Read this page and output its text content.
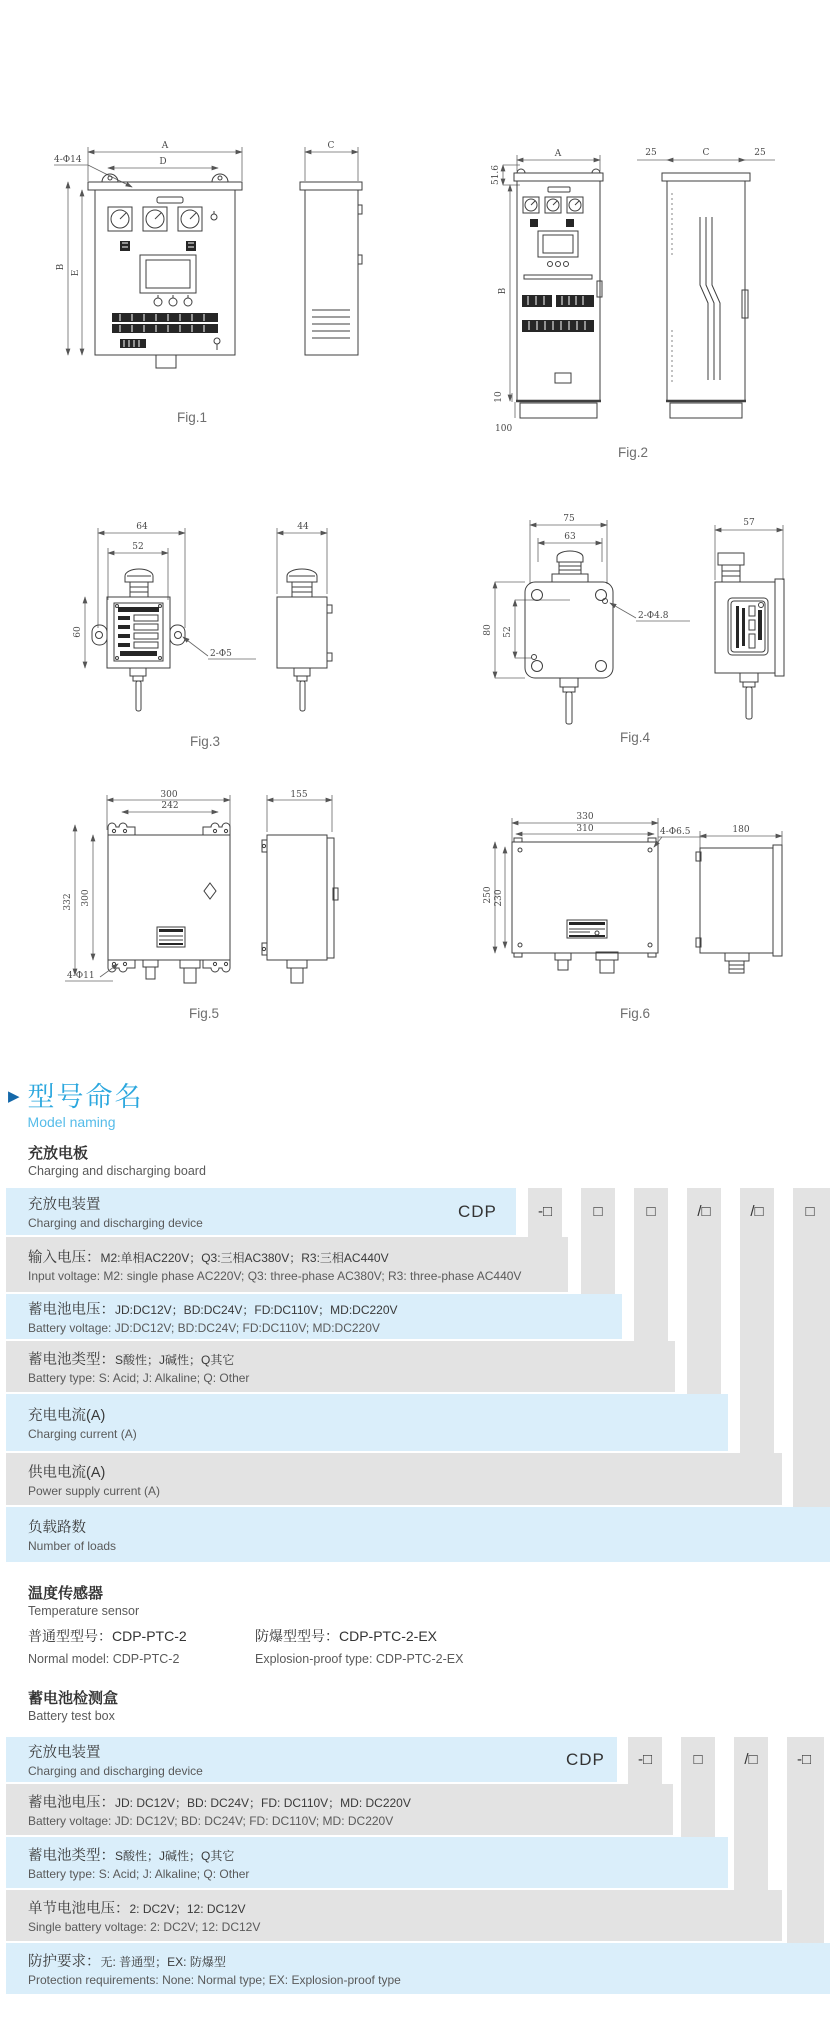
A
D
4-Φ14
B
E
C
Fig.1
A
51.6
B
10
100
25	C	25
Fig.2
64
52
60
2-Φ5
44
Fig.3
75
63
80 52
2-Φ4.8
57
Fig.4
300
242
332 300
4-Φ11
155
Fig.5
330
310
250 230
4-Φ6.5	180
Fig.6
▶ 型号命名
Model naming
充放电板
Charging and discharging board
充放电装置
Charging and discharging device
CDP	-□	□	□	/□	/□	□
输入电压：M2:单相AC220V；Q3:三相AC380V；R3:三相AC440V
Input voltage: M2: single phase AC220V; Q3: three-phase AC380V; R3: three-phase AC440V
蓄电池电压：JD:DC12V；BD:DC24V；FD:DC110V；MD:DC220V
Battery voltage: JD:DC12V; BD:DC24V; FD:DC110V; MD:DC220V
蓄电池类型：S酸性；J碱性；Q其它
Battery type: S: Acid; J: Alkaline; Q: Other
充电电流(A)
Charging current (A)
供电电流(A)
Power supply current (A)
负载路数
Number of loads
温度传感器
Temperature sensor
普通型型号：CDP-PTC-2
Normal model: CDP-PTC-2
防爆型型号：CDP-PTC-2-EX
Explosion-proof type: CDP-PTC-2-EX
蓄电池检测盒
Battery test box
充放电装置
Charging and discharging device
CDP	-□	□	/□	-□
蓄电池电压：JD: DC12V；BD: DC24V；FD: DC110V；MD: DC220V
Battery voltage: JD: DC12V; BD: DC24V; FD: DC110V; MD: DC220V
蓄电池类型：S酸性；J碱性；Q其它
Battery type: S: Acid; J: Alkaline; Q: Other
单节电池电压：2: DC2V；12: DC12V
Single battery voltage: 2: DC2V; 12: DC12V
防护要求：无: 普通型；EX: 防爆型
Protection requirements: None: Normal type; EX: Explosion-proof type
